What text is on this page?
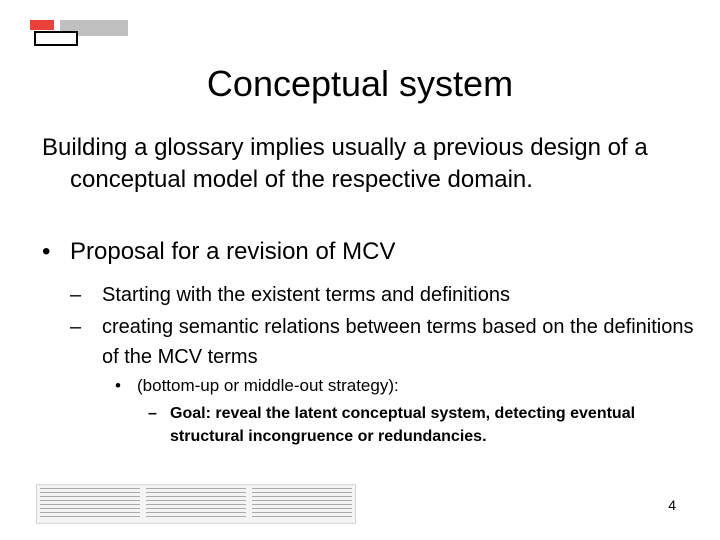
Conceptual system
Building a glossary implies usually a previous design of a conceptual model of the respective domain.
• Proposal for a revision of MCV
– Starting with the existent terms and definitions
– creating semantic relations between terms based on the definitions of the MCV terms
• (bottom-up or middle-out strategy):
– Goal: reveal the latent conceptual system, detecting eventual structural incongruence or redundancies.
4
